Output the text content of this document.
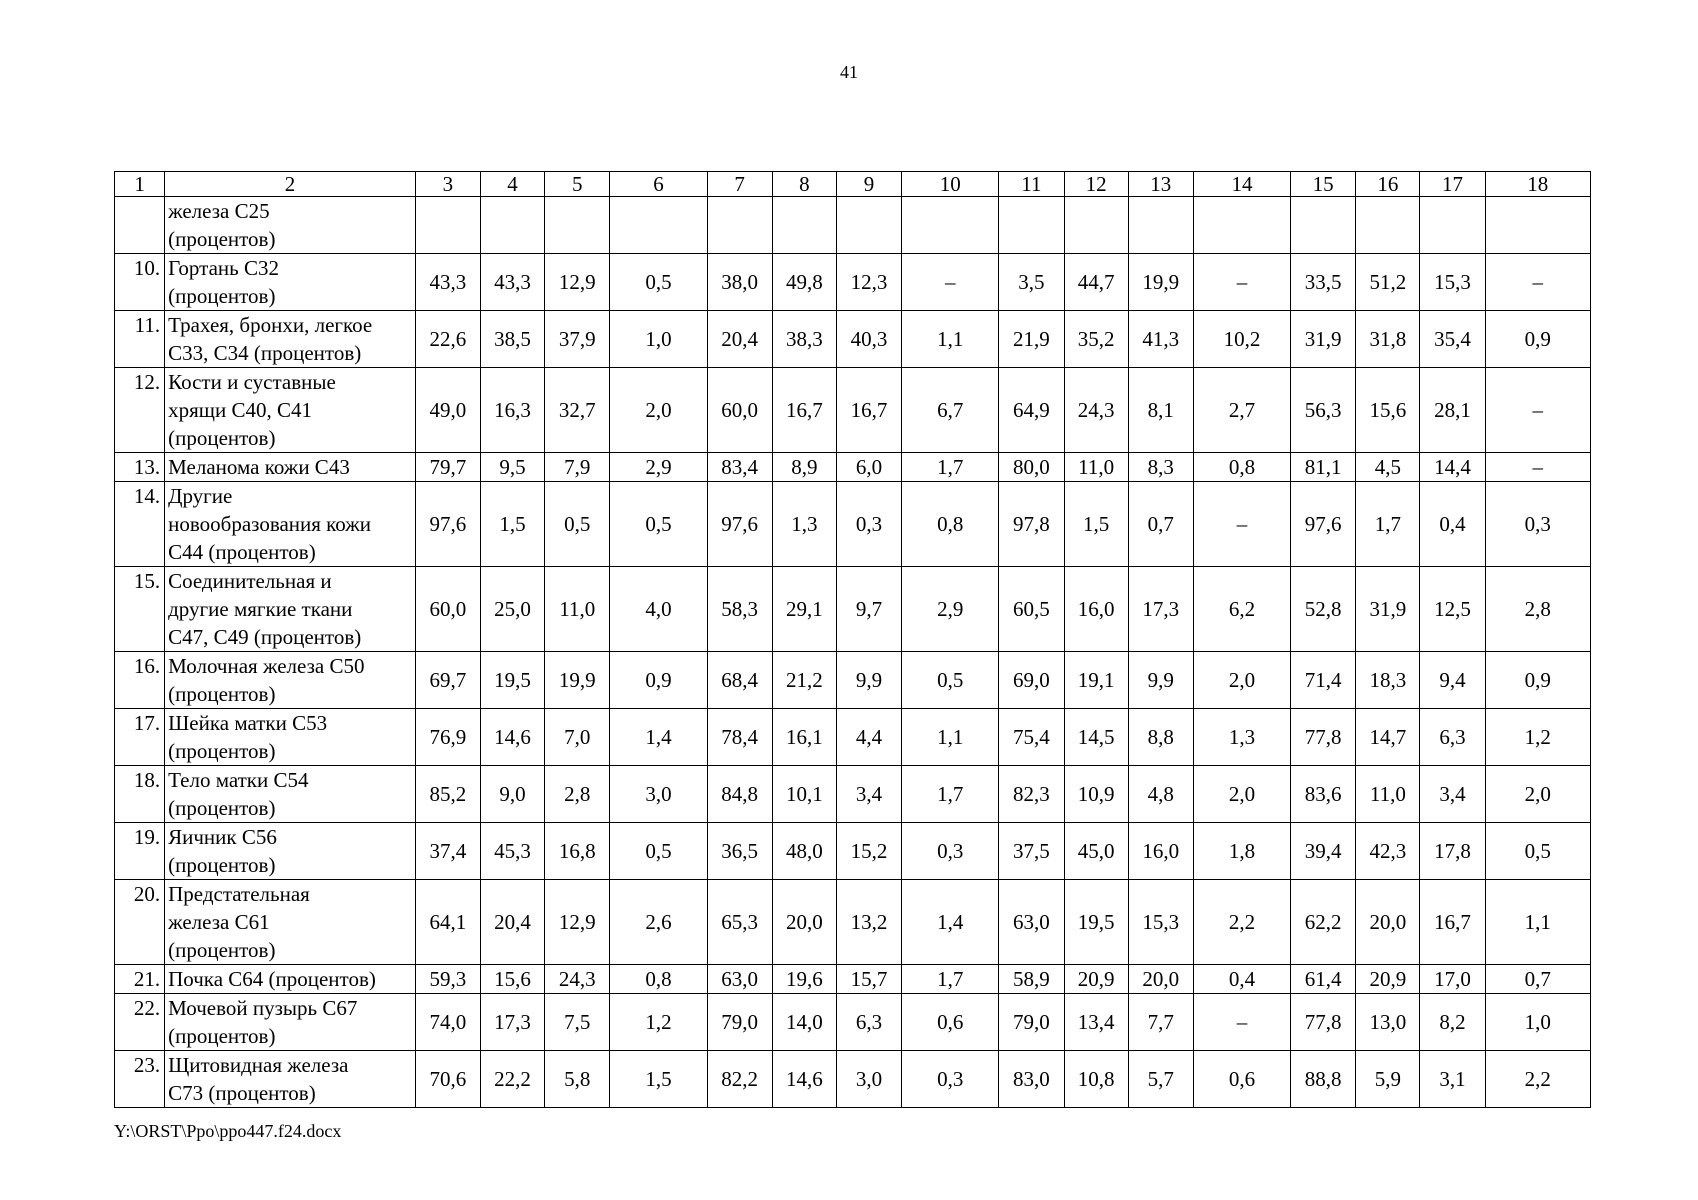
41
1	2	3	4	5	6	7	8	9	10	11	12	13	14	15	16	17	18

	железа С25
(процентов)																

10.	Гортань С32
(процентов)	43,3	43,3	12,9	0,5	38,0	49,8	12,3	–	3,5	44,7	19,9	–	33,5	51,2	15,3	–
11.	Трахея, бронхи, легкое
С33, С34 (процентов)	22,6	38,5	37,9	1,0	20,4	38,3	40,3	1,1	21,9	35,2	41,3	10,2	31,9	31,8	35,4	0,9
12.	Кости и суставные
хрящи С40, С41
(процентов)	49,0	16,3	32,7	2,0	60,0	16,7	16,7	6,7	64,9	24,3	8,1	2,7	56,3	15,6	28,1	–
13.	Меланома кожи С43	79,7	9,5	7,9	2,9	83,4	8,9	6,0	1,7	80,0	11,0	8,3	0,8	81,1	4,5	14,4	–
14.	Другие
новообразования кожи
С44 (процентов)	97,6	1,5	0,5	0,5	97,6	1,3	0,3	0,8	97,8	1,5	0,7	–	97,6	1,7	0,4	0,3
15.	Соединительная и
другие мягкие ткани
С47, С49 (процентов)	60,0	25,0	11,0	4,0	58,3	29,1	9,7	2,9	60,5	16,0	17,3	6,2	52,8	31,9	12,5	2,8
16.	Молочная железа С50
(процентов)	69,7	19,5	19,9	0,9	68,4	21,2	9,9	0,5	69,0	19,1	9,9	2,0	71,4	18,3	9,4	0,9
17.	Шейка матки С53
(процентов)	76,9	14,6	7,0	1,4	78,4	16,1	4,4	1,1	75,4	14,5	8,8	1,3	77,8	14,7	6,3	1,2
18.	Тело матки С54
(процентов)	85,2	9,0	2,8	3,0	84,8	10,1	3,4	1,7	82,3	10,9	4,8	2,0	83,6	11,0	3,4	2,0
19.	Яичник С56
(процентов)	37,4	45,3	16,8	0,5	36,5	48,0	15,2	0,3	37,5	45,0	16,0	1,8	39,4	42,3	17,8	0,5
20.	Предстательная
железа С61
(процентов)	64,1	20,4	12,9	2,6	65,3	20,0	13,2	1,4	63,0	19,5	15,3	2,2	62,2	20,0	16,7	1,1
21.	Почка С64 (процентов)	59,3	15,6	24,3	0,8	63,0	19,6	15,7	1,7	58,9	20,9	20,0	0,4	61,4	20,9	17,0	0,7
22.	Мочевой пузырь С67
(процентов)	74,0	17,3	7,5	1,2	79,0	14,0	6,3	0,6	79,0	13,4	7,7	–	77,8	13,0	8,2	1,0
23.	Щитовидная железа
С73 (процентов)	70,6	22,2	5,8	1,5	82,2	14,6	3,0	0,3	83,0	10,8	5,7	0,6	88,8	5,9	3,1	2,2
Y:\ORST\Ppo\ppo447.f24.docx
